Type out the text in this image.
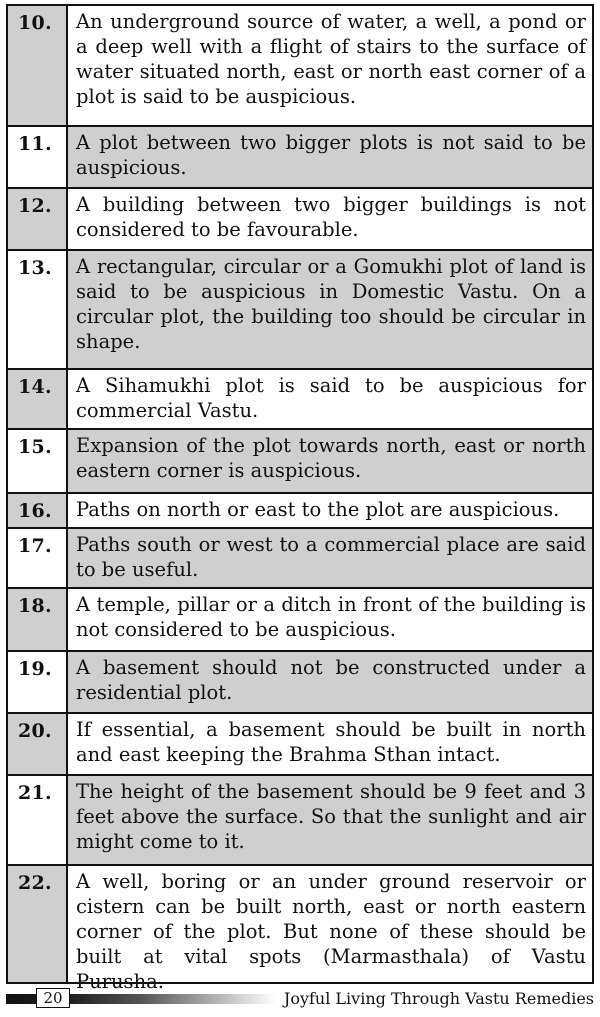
10.	An underground source of water, a well, a pond or a deep well with a flight of stairs to the surface of water situated north, east or north east corner of a plot is said to be auspicious.
11.	A plot between two bigger plots is not said to be auspicious.
12.	A building between two bigger buildings is not considered to be favourable.
13.	A rectangular, circular or a Gomukhi plot of land is said to be auspicious in Domestic Vastu. On a circular plot, the building too should be circular in shape.
14.	A Sihamukhi plot is said to be auspicious for commercial Vastu.
15.	Expansion of the plot towards north, east or north eastern corner is auspicious.
16.	Paths on north or east to the plot are auspicious.
17.	Paths south or west to a commercial place are said to be useful.
18.	A temple, pillar or a ditch in front of the building is not considered to be auspicious.
19.	A basement should not be constructed under a residential plot.
20.	If essential, a basement should be built in north and east keeping the Brahma Sthan intact.
21.	The height of the basement should be 9 feet and 3 feet above the surface. So that the sunlight and air might come to it.
22.	A well, boring or an under ground reservoir or cistern can be built north, east or north eastern corner of the plot. But none of these should be built at vital spots (Marmasthala) of Vastu Purusha.
20	Joyful Living Through Vastu Remedies
